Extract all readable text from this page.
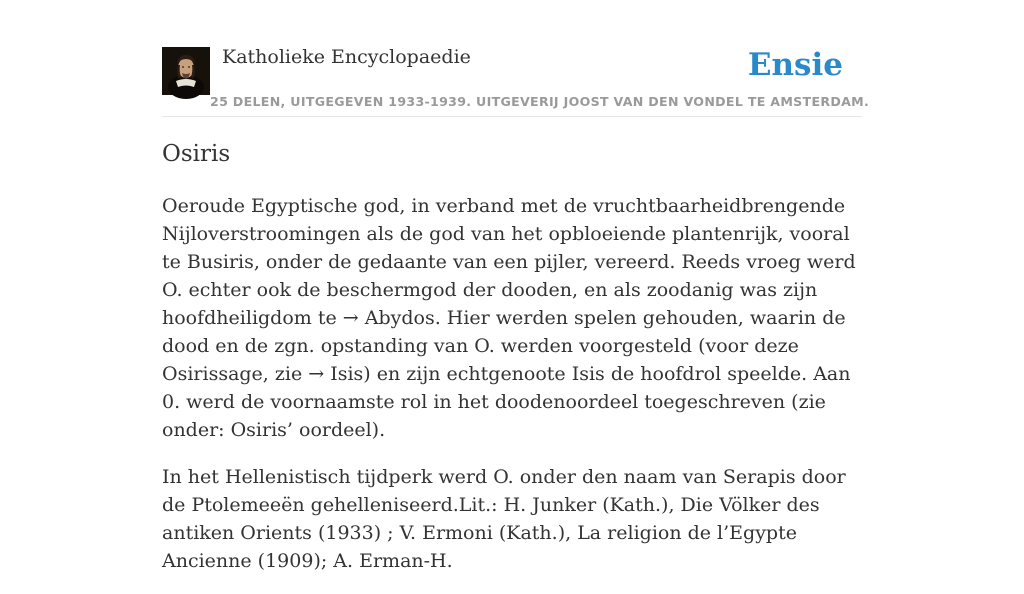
Katholieke Encyclopaedie	Ensie
25 DELEN, UITGEGEVEN 1933-1939. UITGEVERIJ JOOST VAN DEN VONDEL TE AMSTERDAM.
Osiris

Oeroude Egyptische god, in verband met de vruchtbaarheidbrengende Nijloverstroomingen als de god van het opbloeiende plantenrijk, vooral te Busiris, onder de gedaante van een pijler, vereerd. Reeds vroeg werd O. echter ook de beschermgod der dooden, en als zoodanig was zijn hoofdheiligdom te → Abydos. Hier werden spelen gehouden, waarin de dood en de zgn. opstanding van O. werden voorgesteld (voor deze Osirissage, zie → Isis) en zijn echtgenoote Isis de hoofdrol speelde. Aan 0. werd de voornaamste rol in het doodenoordeel toegeschreven (zie onder: Osiris’ oordeel).

In het Hellenistisch tijdperk werd O. onder den naam van Serapis door de Ptolemeeën gehelleniseerd.Lit.: H. Junker (Kath.), Die Völker des antiken Orients (1933) ; V. Ermoni (Kath.), La religion de l’Egypte Ancienne (1909); A. Erman-H.
